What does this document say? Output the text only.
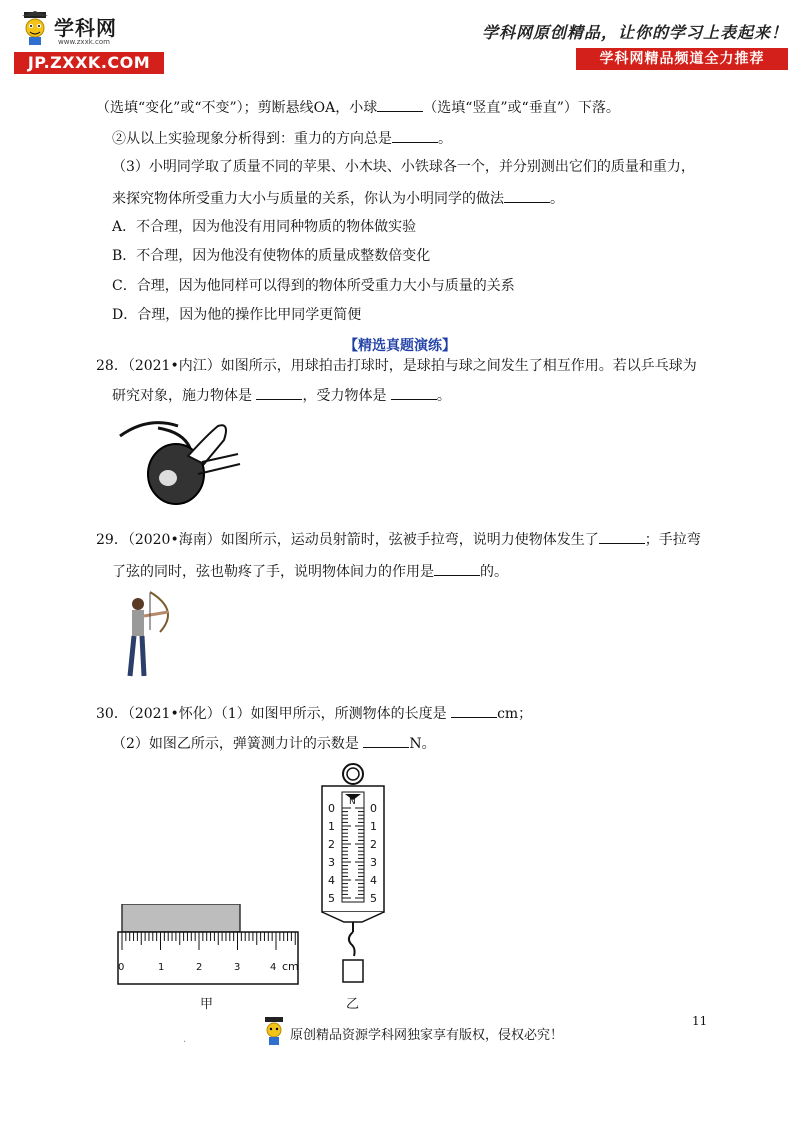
学科网
www.zxxk.com
JP.ZXXK.COM
学科网原创精品，让你的学习上表起来！
学科网精品频道全力推荐
（选填“变化”或“不变”）；剪断悬线OA，小球	（选填“竖直”或“垂直”）下落。
②从以上实验现象分析得到：重力的方向总是	。
（3）小明同学取了质量不同的苹果、小木块、小铁球各一个，并分别测出它们的质量和重力，
来探究物体所受重力大小与质量的关系，你认为小明同学的做法	。
A．不合理，因为他没有用同种物质的物体做实验
B．不合理，因为他没有使物体的质量成整数倍变化
C．合理，因为他同样可以得到的物体所受重力大小与质量的关系
D．合理，因为他的操作比甲同学更简便
【精选真题演练】
28．（2021•内江）如图所示，用球拍击打球时，是球拍与球之间发生了相互作用。若以乒乓球为
研究对象，施力物体是	，受力物体是	。
29．（2020•海南）如图所示，运动员射箭时，弦被手拉弯，说明力使物体发生了	；手拉弯
了弦的同时，弦也勒疼了手，说明物体间力的作用是	的。
30．（2021•怀化）（1）如图甲所示，所测物体的长度是	cm；
（2）如图乙所示，弹簧测力计的示数是	N。
0	1	2	3	4 cm
甲
N
0
1
2
3
4
5
0
1
2
3
4
5
乙
.	原创精品资源学科网独家享有版权，侵权必究！
11
